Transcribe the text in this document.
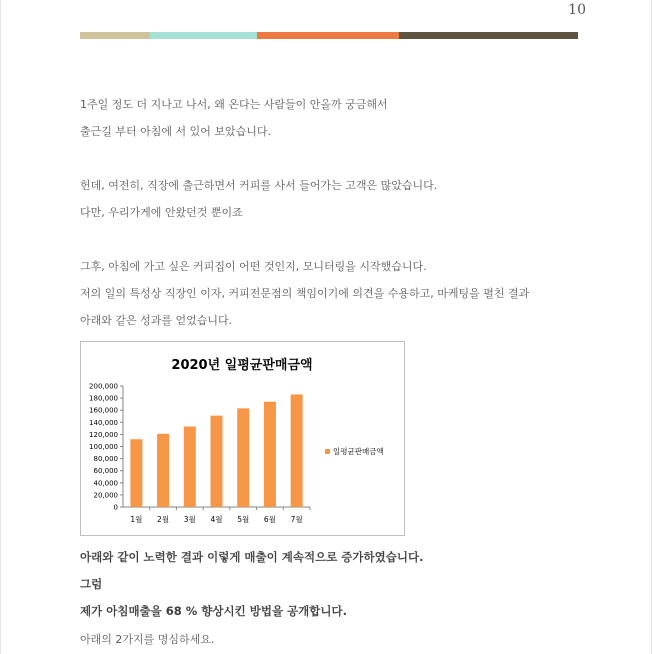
10
1주일 정도 더 지나고 나서, 왜 온다는 사람들이 안올까 궁금해서
출근길 부터 아침에 서 있어 보았습니다.
헌데, 여전히, 직장에 출근하면서 커피를 사서 들어가는 고객은 많았습니다.
다만, 우리가게에 안왔던것 뿐이죠
그후, 아침에 가고 싶은 커피집이 어떤 것인지, 모니터링을 시작했습니다.
저의 일의 특성상 직장인 이자, 커피전문점의 책임이기에 의견을 수용하고, 마케팅을 펼친 결과
아래와 같은 성과를 얻었습니다.
2020년 일평균판매금액
0
20,000
40,000
60,000
80,000
100,000
120,000
140,000
160,000
180,000
200,000
1월 2월 3월 4월 5월 6월 7월
일평균판매금액
아래와 같이 노력한 결과 이렇게 매출이 계속적으로 증가하였습니다.
그럼
제가 아침매출을 68 % 향상시킨 방법을 공개합니다.
아래의 2가지를 명심하세요.
